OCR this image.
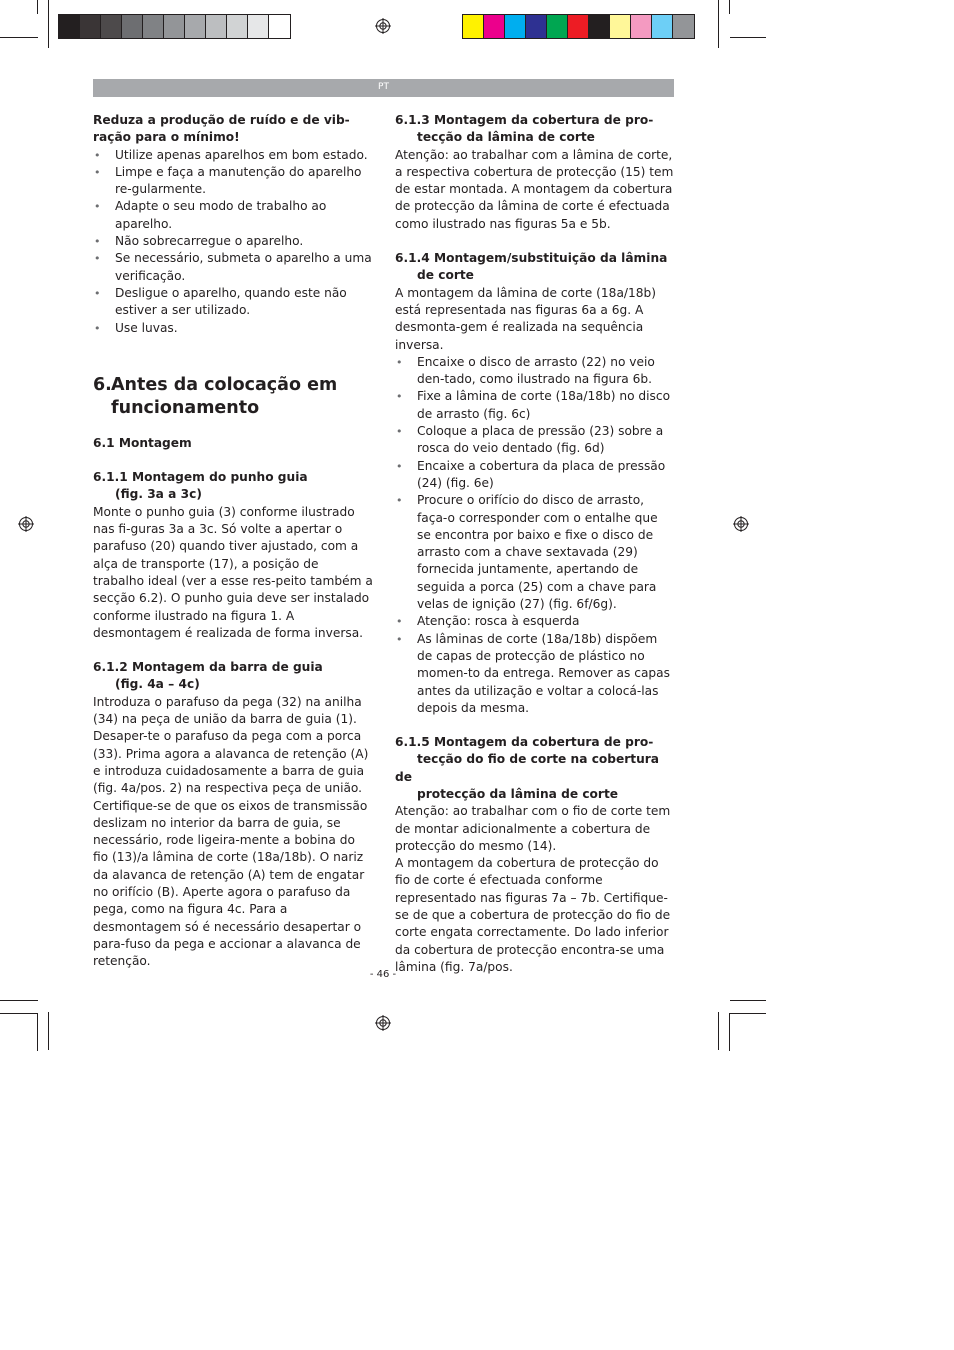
PT

Reduza a produção de ruído e de vib-
ração para o mínimo!

• Utilize apenas aparelhos em bom estado.
• Limpe e faça a manutenção do aparelho re-gularmente.
• Adapte o seu modo de trabalho ao aparelho.
• Não sobrecarregue o aparelho.
• Se necessário, submeta o aparelho a uma verificação.
• Desligue o aparelho, quando este não estiver a ser utilizado.
• Use luvas.
6. Antes da colocação em
funcionamento

6.1 Montagem

6.1.1 Montagem do punho guia
(fig. 3a a 3c)

Monte o punho guia (3) conforme ilustrado nas fi-guras 3a a 3c. Só volte a apertar o parafuso (20) quando tiver ajustado, com a alça de transporte (17), a posição de trabalho ideal (ver a esse res-peito também a secção 6.2). O punho guia deve ser instalado conforme ilustrado na figura 1. A desmontagem é realizada de forma inversa.

6.1.2 Montagem da barra de guia
(fig. 4a – 4c)

Introduza o parafuso da pega (32) na anilha (34) na peça de união da barra de guia (1). Desaper-te o parafuso da pega com a porca (33). Prima agora a alavanca de retenção (A) e introduza cuidadosamente a barra de guia (fig. 4a/pos. 2) na respectiva peça de união. Certifique-se de que os eixos de transmissão deslizam no interior da barra de guia, se necessário, rode ligeira-mente a bobina do fio (13)/a lâmina de corte (18a/18b). O nariz da alavanca de retenção (A) tem de engatar no orifício (B). Aperte agora o parafuso da pega, como na figura 4c. Para a desmontagem só é necessário desapertar o para-fuso da pega e accionar a alavanca de retenção.

6.1.3 Montagem da cobertura de pro-
tecção da lâmina de corte

Atenção: ao trabalhar com a lâmina de corte, a respectiva cobertura de protecção (15) tem de estar montada. A montagem da cobertura de protecção da lâmina de corte é efectuada como ilustrado nas figuras 5a e 5b.

6.1.4 Montagem/substituição da lâmina
de corte

A montagem da lâmina de corte (18a/18b) está representada nas figuras 6a a 6g. A desmonta-gem é realizada na sequência inversa.

• Encaixe o disco de arrasto (22) no veio den-tado, como ilustrado na figura 6b.
• Fixe a lâmina de corte (18a/18b) no disco de arrasto (fig. 6c)
• Coloque a placa de pressão (23) sobre a rosca do veio dentado (fig. 6d)
• Encaixe a cobertura da placa de pressão (24) (fig. 6e)
• Procure o orifício do disco de arrasto, faça-o corresponder com o entalhe que se encontra por baixo e fixe o disco de arrasto com a chave sextavada (29) fornecida juntamente, apertando de seguida a porca (25) com a chave para velas de ignição (27) (fig. 6f/6g).
• Atenção: rosca à esquerda
• As lâminas de corte (18a/18b) dispõem de capas de protecção de plástico no momen-to da entrega. Remover as capas antes da utilização e voltar a colocá-las depois da mesma.

6.1.5 Montagem da cobertura de pro-
tecção do fio de corte na cobertura de
protecção da lâmina de corte

Atenção: ao trabalhar com o fio de corte tem de montar adicionalmente a cobertura de protecção do mesmo (14).

A montagem da cobertura de protecção do fio de corte é efectuada conforme representado nas figuras 7a – 7b. Certifique-se de que a cobertura de protecção do fio de corte engata correctamente. Do lado inferior da cobertura de protecção encontra-se uma lâmina (fig. 7a/pos.

- 46 -
